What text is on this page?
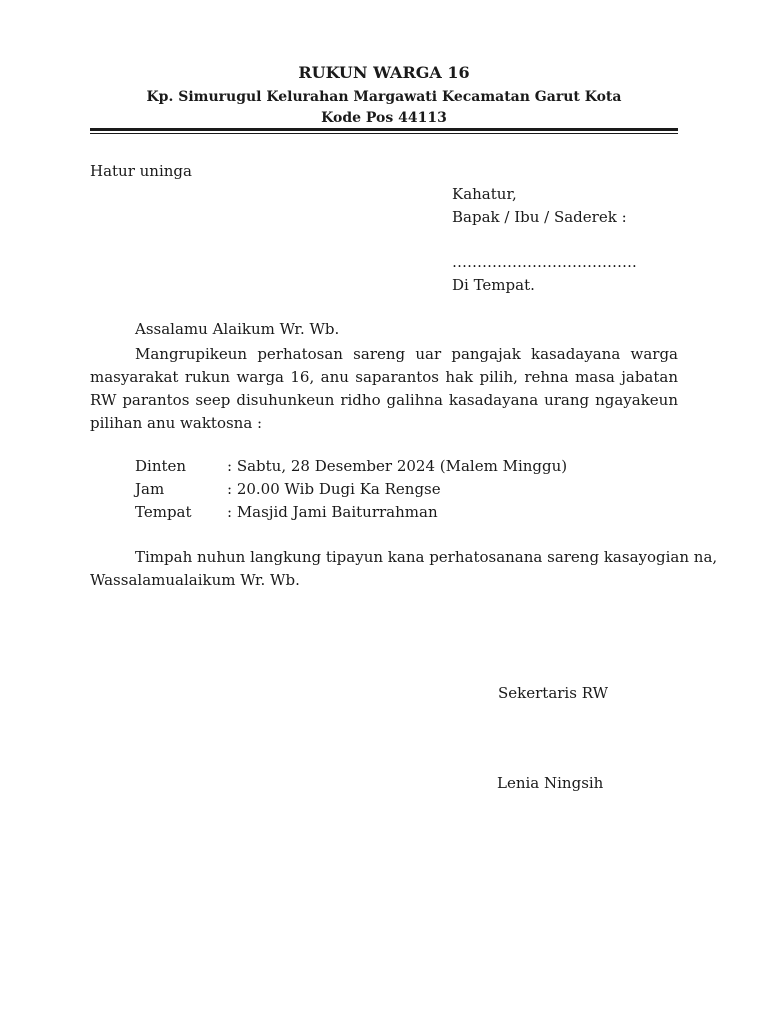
RUKUN WARGA 16
Kp. Simurugul Kelurahan Margawati Kecamatan Garut Kota
Kode Pos 44113
Hatur uninga
Kahatur,
Bapak / Ibu / Saderek :
……………………………….
Di Tempat.
Assalamu Alaikum Wr. Wb.
Mangrupikeun perhatosan sareng uar pangajak kasadayana warga masyarakat rukun warga 16, anu saparantos hak pilih, rehna masa jabatan RW parantos seep disuhunkeun ridho galihna kasadayana urang ngayakeun pilihan anu waktosna :
Dinten	: Sabtu, 28 Desember 2024 (Malem Minggu)
Jam	: 20.00 Wib Dugi Ka Rengse
Tempat : Masjid Jami Baiturrahman
Timpah nuhun langkung tipayun kana perhatosanana sareng kasayogian na,
Wassalamualaikum Wr. Wb.
Sekertaris RW
Lenia Ningsih
